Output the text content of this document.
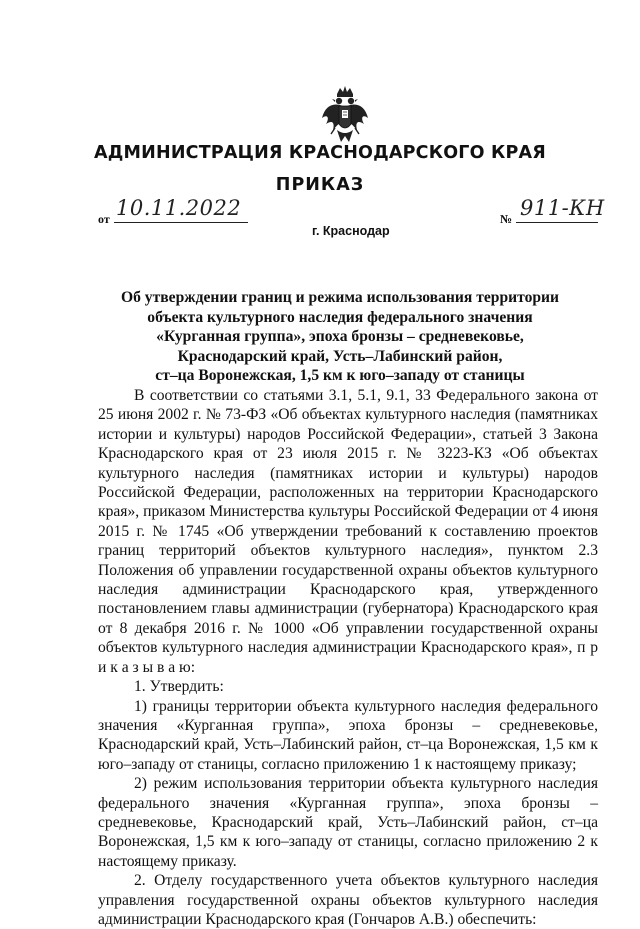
АДМИНИСТРАЦИЯ КРАСНОДАРСКОГО КРАЯ
ПРИКАЗ
от 10.11.2022	№ 911-КН
г. Краснодар
Об утверждении границ и режима использования территории
объекта культурного наследия федерального значения
«Курганная группа», эпоха бронзы – средневековье,
Краснодарский край, Усть–Лабинский район,
ст–ца Воронежская, 1,5 км к юго–западу от станицы

В соответствии со статьями 3.1, 5.1, 9.1, 33 Федерального закона от 25 июня 2002 г. № 73-ФЗ «Об объектах культурного наследия (памятниках истории и культуры) народов Российской Федерации», статьей 3 Закона Краснодарского края от 23 июля 2015 г. № 3223-КЗ «Об объектах культурного наследия (памятниках истории и культуры) народов Российской Федерации, расположенных на территории Краснодарского края», приказом Министерства культуры Российской Федерации от 4 июня 2015 г. № 1745 «Об утверждении требований к составлению проектов границ территорий объектов культурного наследия», пунктом 2.3 Положения об управлении государственной охраны объектов культурного наследия администрации Краснодарского края, утвержденного постановлением главы администрации (губернатора) Краснодарского края от 8 декабря 2016 г. № 1000 «Об управлении государственной охраны объектов культурного наследия администрации Краснодарского края», п р и к а з ы в а ю:

1. Утвердить:

1) границы территории объекта культурного наследия федерального значения «Курганная группа», эпоха бронзы – средневековье, Краснодарский край, Усть–Лабинский район, ст–ца Воронежская, 1,5 км к юго–западу от станицы, согласно приложению 1 к настоящему приказу;

2) режим использования территории объекта культурного наследия федерального значения «Курганная группа», эпоха бронзы – средневековье, Краснодарский край, Усть–Лабинский район, ст–ца Воронежская, 1,5 км к юго–западу от станицы, согласно приложению 2 к настоящему приказу.

2. Отделу государственного учета объектов культурного наследия управления государственной охраны объектов культурного наследия администрации Краснодарского края (Гончаров А.В.) обеспечить:
